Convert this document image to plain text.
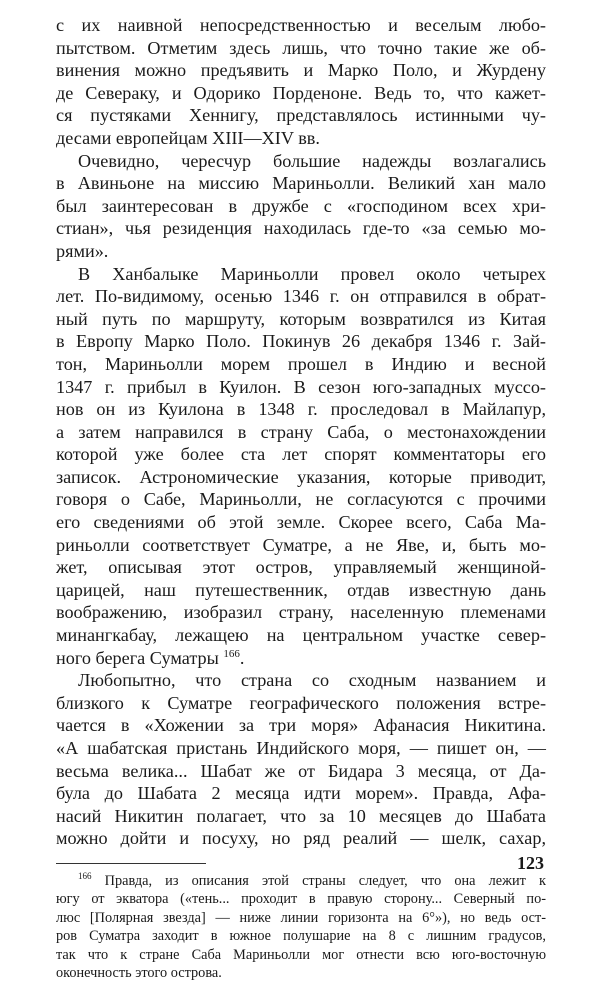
с их наивной непосредственностью и веселым любо-
пытством. Отметим здесь лишь, что точно такие же об-
винения можно предъявить и Марко Поло, и Журдену
де Севераку, и Одорико Порденоне. Ведь то, что кажет-
ся пустяками Хеннигу, представлялось истинными чу-
десами европейцам XIII—XIV вв.
Очевидно, чересчур большие надежды возлагались
в Авиньоне на миссию Мариньолли. Великий хан мало
был заинтересован в дружбе с «господином всех хри-
стиан», чья резиденция находилась где-то «за семью мо-
рями».
В Ханбалыке Мариньолли провел около четырех
лет. По-видимому, осенью 1346 г. он отправился в обрат-
ный путь по маршруту, которым возвратился из Китая
в Европу Марко Поло. Покинув 26 декабря 1346 г. Зай-
тон, Мариньолли морем прошел в Индию и весной
1347 г. прибыл в Куилон. В сезон юго-западных муссо-
нов он из Куилона в 1348 г. проследовал в Майлапур,
а затем направился в страну Саба, о местонахождении
которой уже более ста лет спорят комментаторы его
записок. Астрономические указания, которые приводит,
говоря о Сабе, Мариньолли, не согласуются с прочими
его сведениями об этой земле. Скорее всего, Саба Ма-
риньолли соответствует Суматре, а не Яве, и, быть мо-
жет, описывая этот остров, управляемый женщиной-
царицей, наш путешественник, отдав известную дань
воображению, изобразил страну, населенную племенами
минангкабау, лежащею на центральном участке север-
ного берега Суматры $^{166}$.
Любопытно, что страна со сходным названием и
близкого к Суматре географического положения встре-
чается в «Хожении за три моря» Афанасия Никитина.
«А шабатская пристань Индийского моря, — пишет он, —
весьма велика... Шабат же от Бидара 3 месяца, от Да-
була до Шабата 2 месяца идти морем». Правда, Афа-
насий Никитин полагает, что за 10 месяцев до Шабата
можно дойти и посуху, но ряд реалий — шелк, сахар,
$^{166}$ Правда, из описания этой страны следует, что она лежит к
югу от экватора («тень... проходит в правую сторону... Северный по-
люс [Полярная звезда] — ниже линии горизонта на 6°»), но ведь ост-
ров Суматра заходит в южное полушарие на 8 с лишним градусов,
так что к стране Саба Мариньолли мог отнести всю юго-восточную
оконечность этого острова.
123
